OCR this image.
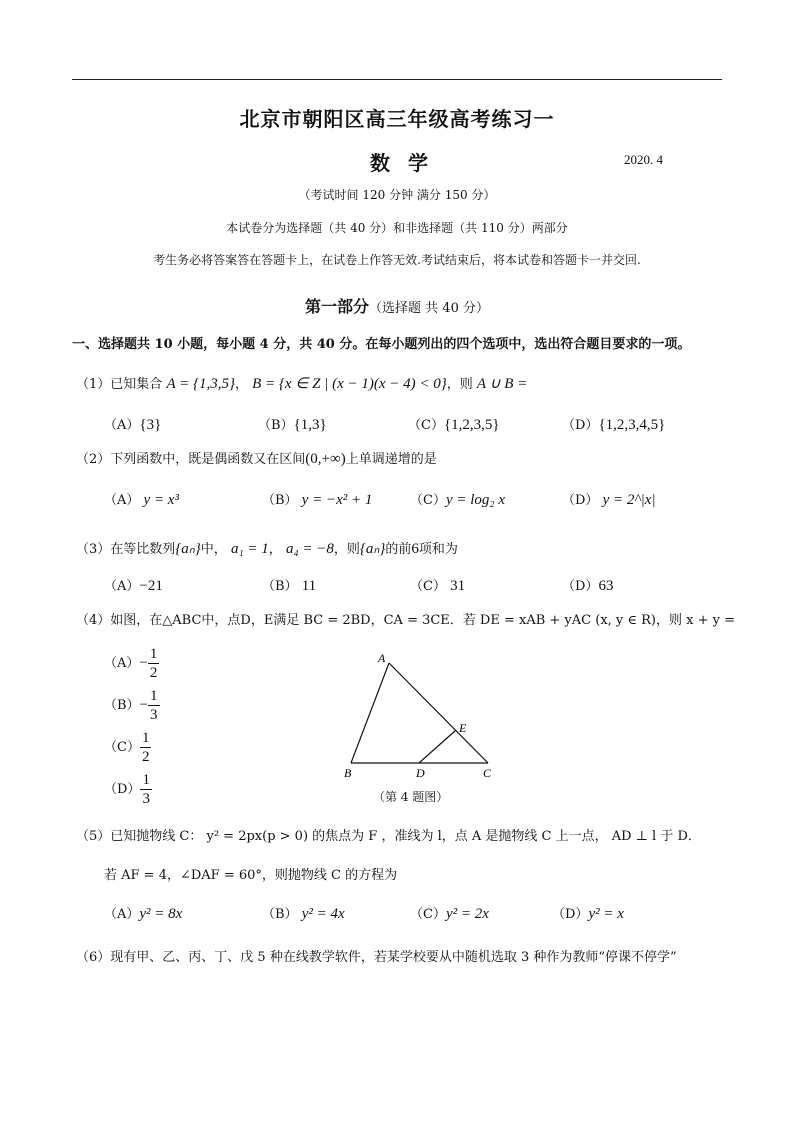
北京市朝阳区高三年级高考练习一
数学	2020. 4
（考试时间 120 分钟 满分 150 分）
本试卷分为选择题（共 40 分）和非选择题（共 110 分）两部分
考生务必将答案答在答题卡上，在试卷上作答无效.考试结束后，将本试卷和答题卡一并交回.
第一部分（选择题 共 40 分）
一、选择题共 10 小题，每小题 4 分，共 40 分。在每小题列出的四个选项中，选出符合题目要求的一项。
（1）已知集合 A = {1,3,5}， B = {x ∈ Z | (x − 1)(x − 4) < 0}，则 A ∪ B =
（A）{3}	（B）{1,3}	（C）{1,2,3,5}	（D）{1,2,3,4,5}
（2）下列函数中，既是偶函数又在区间(0,+∞)上单调递增的是
（A） y = x³	（B） y = −x² + 1	（C）y = log₂ x	（D） y = 2^|x|
（3）在等比数列{aₙ}中， a₁ = 1， a₄ = −8，则{aₙ}的前6项和为
（A）−21	（B） 11	（C） 31	（D）63
（4）如图，在△ABC中，点D，E满足 BC = 2BD，CA = 3CE．若 DE = xAB + yAC (x, y ∈ R)，则 x + y =
$(A)- \frac{1}{2}$
$(B)- \frac{1}{3}$
$(C) \frac{1}{2}$
$(D) \frac{1}{3}$
A
B	C
D
E
（第 4 题图）
（5）已知抛物线 C： y² = 2px(p > 0) 的焦点为 F ，准线为 l，点 A 是抛物线 C 上一点， AD ⊥ l 于 D．
若 AF = 4，∠DAF = 60°，则抛物线 C 的方程为
（A）y² = 8x	（B） y² = 4x	（C）y² = 2x	（D）y² = x
（6）现有甲、乙、丙、丁、戊 5 种在线教学软件，若某学校要从中随机选取 3 种作为教师“停课不停学”
